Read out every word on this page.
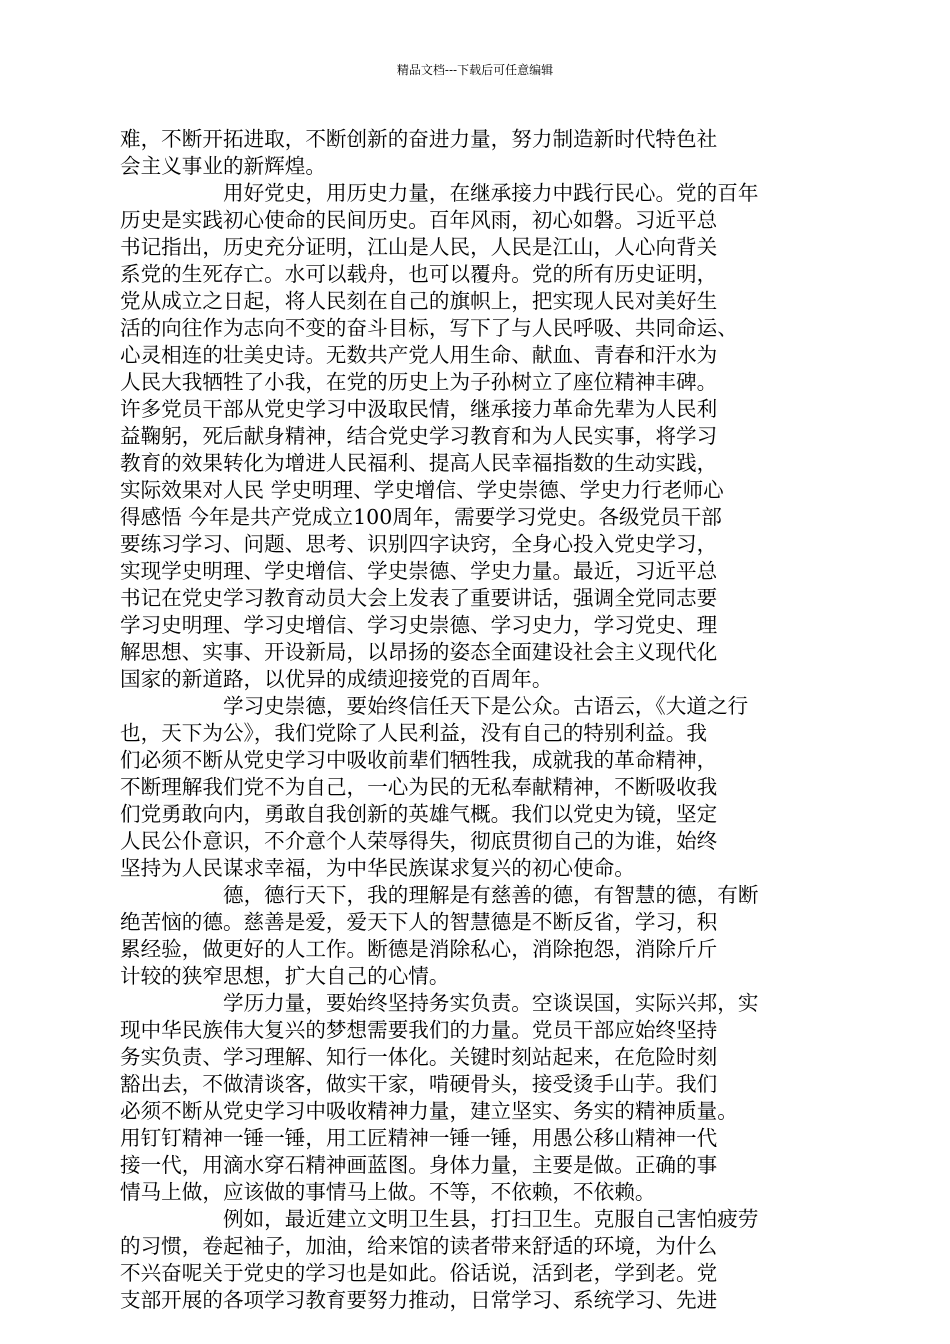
精品文档---下载后可任意编辑
难，不断开拓进取，不断创新的奋进力量，努力制造新时代特色社
会主义事业的新辉煌。
用好党史，用历史力量，在继承接力中践行民心。党的百年
历史是实践初心使命的民间历史。百年风雨，初心如磐。习近平总
书记指出，历史充分证明，江山是人民，人民是江山，人心向背关
系党的生死存亡。水可以载舟，也可以覆舟。党的所有历史证明，
党从成立之日起，将人民刻在自己的旗帜上，把实现人民对美好生
活的向往作为志向不变的奋斗目标，写下了与人民呼吸、共同命运、
心灵相连的壮美史诗。无数共产党人用生命、献血、青春和汗水为
人民大我牺牲了小我，在党的历史上为子孙树立了座位精神丰碑。
许多党员干部从党史学习中汲取民情，继承接力革命先辈为人民利
益鞠躬，死后献身精神，结合党史学习教育和为人民实事，将学习
教育的效果转化为增进人民福利、提高人民幸福指数的生动实践，
实际效果对人民 学史明理、学史增信、学史崇德、学史力行老师心
得感悟 今年是共产党成立100周年，需要学习党史。各级党员干部
要练习学习、问题、思考、识别四字诀窍，全身心投入党史学习，
实现学史明理、学史增信、学史崇德、学史力量。最近，习近平总
书记在党史学习教育动员大会上发表了重要讲话，强调全党同志要
学习史明理、学习史增信、学习史崇德、学习史力，学习党史、理
解思想、实事、开设新局，以昂扬的姿态全面建设社会主义现代化
国家的新道路，以优异的成绩迎接党的百周年。
学习史崇德，要始终信任天下是公众。古语云，《大道之行
也，天下为公》，我们党除了人民利益，没有自己的特别利益。我
们必须不断从党史学习中吸收前辈们牺牲我，成就我的革命精神，
不断理解我们党不为自己，一心为民的无私奉献精神，不断吸收我
们党勇敢向内，勇敢自我创新的英雄气概。我们以党史为镜，坚定
人民公仆意识，不介意个人荣辱得失，彻底贯彻自己的为谁，始终
坚持为人民谋求幸福，为中华民族谋求复兴的初心使命。
德，德行天下，我的理解是有慈善的德，有智慧的德，有断
绝苦恼的德。慈善是爱，爱天下人的智慧德是不断反省，学习，积
累经验，做更好的人工作。断德是消除私心，消除抱怨，消除斤斤
计较的狭窄思想，扩大自己的心情。
学历力量，要始终坚持务实负责。空谈误国，实际兴邦，实
现中华民族伟大复兴的梦想需要我们的力量。党员干部应始终坚持
务实负责、学习理解、知行一体化。关键时刻站起来，在危险时刻
豁出去，不做清谈客，做实干家，啃硬骨头，接受烫手山芋。我们
必须不断从党史学习中吸收精神力量，建立坚实、务实的精神质量。
用钉钉精神一锤一锤，用工匠精神一锤一锤，用愚公移山精神一代
接一代，用滴水穿石精神画蓝图。身体力量，主要是做。正确的事
情马上做，应该做的事情马上做。不等，不依赖，不依赖。
例如，最近建立文明卫生县，打扫卫生。克服自己害怕疲劳
的习惯，卷起袖子，加油，给来馆的读者带来舒适的环境，为什么
不兴奋呢关于党史的学习也是如此。俗话说，活到老，学到老。党
支部开展的各项学习教育要努力推动，日常学习、系统学习、先进
